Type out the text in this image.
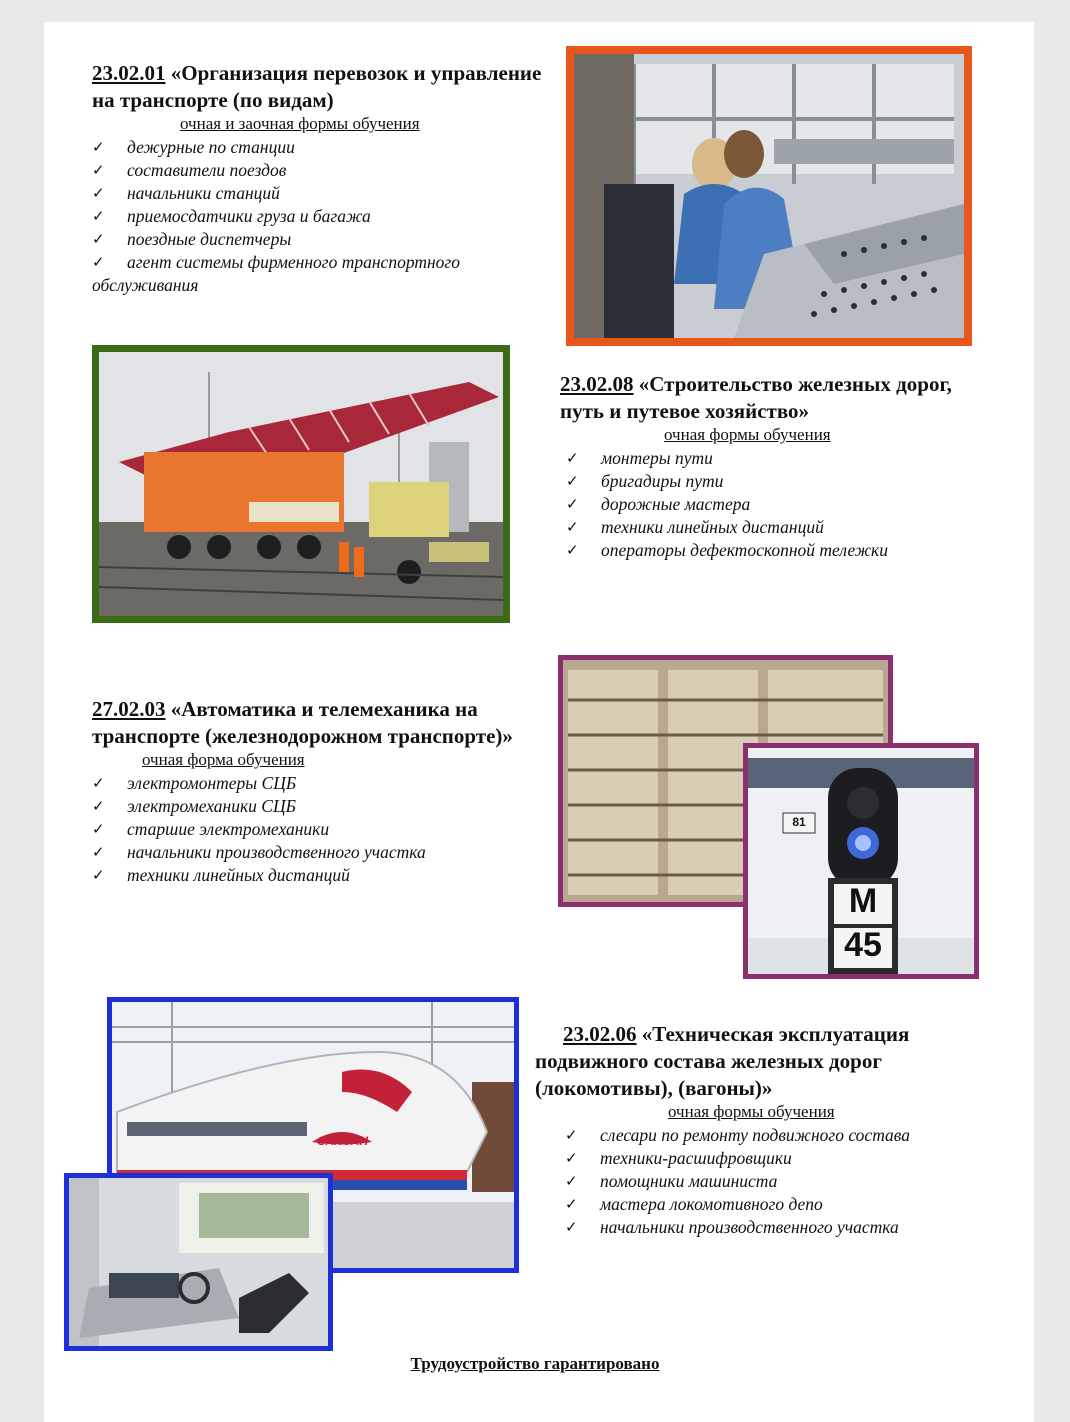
23.02.01 «Организация перевозок и управление на транспорте (по видам)

очная и заочная формы обучения

✓ дежурные по станции
✓ составители поездов
✓ начальники станций
✓ приемосдатчики груза и багажа
✓ поездные диспетчеры
✓ агент системы фирменного транспортного
обслуживания

23.02.08 «Строительство железных дорог, путь и путевое хозяйство»

очная формы обучения

✓ монтеры пути
✓ бригадиры пути
✓ дорожные мастера
✓ техники линейных дистанций
✓ операторы дефектоскопной тележки
81
М
45

27.02.03 «Автоматика и телемеханика на транспорте (железнодорожном транспорте)»

очная форма обучения

✓ электромонтеры СЦБ
✓ электромеханики СЦБ
✓ старшие электромеханики
✓ начальники производственного участка
✓ техники линейных дистанций
САПСАН

23.02.06 «Техническая эксплуатация подвижного состава железных дорог (локомотивы), (вагоны)»

очная формы обучения

✓ слесари по ремонту подвижного состава
✓ техники-расшифровщики
✓ помощники машиниста
✓ мастера локомотивного депо
✓ начальники производственного участка
Трудоустройство гарантировано
